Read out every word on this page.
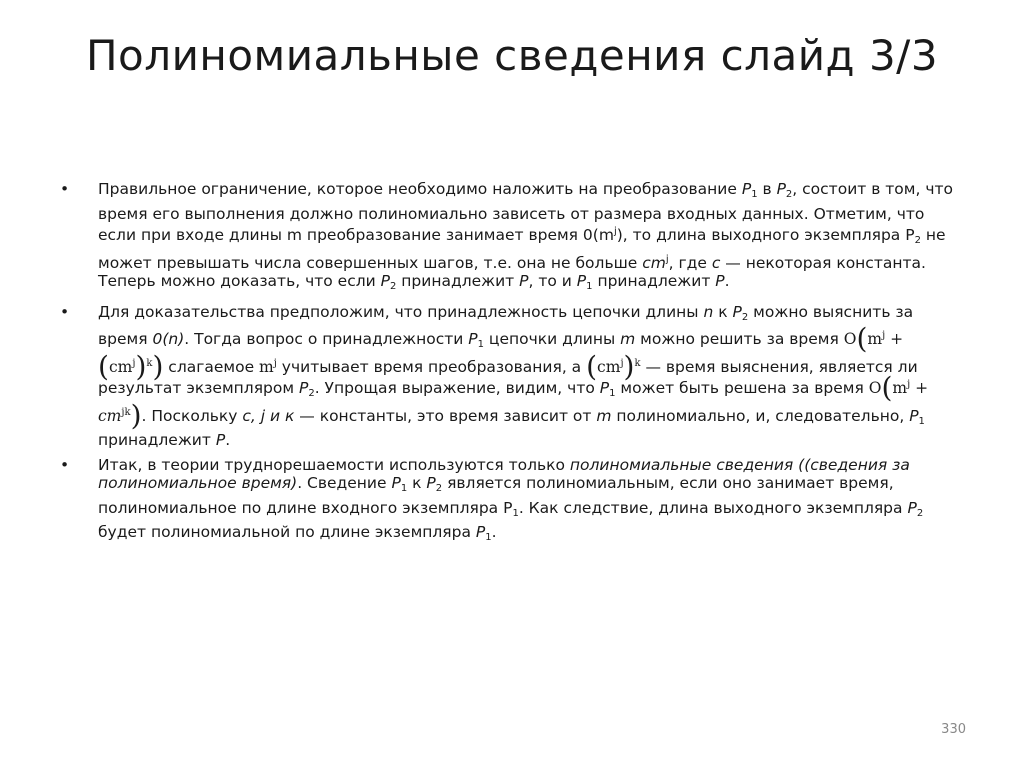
Полиномиальные сведения слайд 3/3
•	Правильное ограничение, которое необходимо наложить на преобразование $P_1$ в $P_2$, состоит в том, что время его выполнения должно полиномиально зависеть от размера входных данных. Отметим, что если при входе длины m преобразование занимает время $0(m^j)$, то длина выходного экземпляра $P_2$ не может превышать числа совершенных шагов, т.е. она не больше $cm^j$, где c — некоторая константа. Теперь можно доказать, что если $P_2$ принадлежит P, то и $P_1$ принадлежит P.
•	Для доказательства предположим, что принадлежность цепочки длины n к $P_2$ можно выяснить за время 0(n). Тогда вопрос о принадлежности $P_1$ цепочки длины m можно решить за время $O(m^j + (cm^j)^k)$ слагаемое $m^j$ учитывает время преобразования, а $(cm^j)^k$ — время выяснения, является ли результат экземпляром $P_2$. Упрощая выражение, видим, что $P_1$ может быть решена за время $O(m^j + cm^{jk})$. Поскольку c, j и к — константы, это время зависит от m полиномиально, и, следовательно, $P_1$ принадлежит P.
•	Итак, в теории труднорешаемости используются только полиномиальные сведения ((сведения за полиномиальное время). Сведение $P_1$ к $P_2$ является полиномиальным, если оно занимает время, полиномиальное по длине входного экземпляра $P_1$. Как следствие, длина выходного экземпляра $P_2$ будет полиномиальной по длине экземпляра $P_1$.
330
